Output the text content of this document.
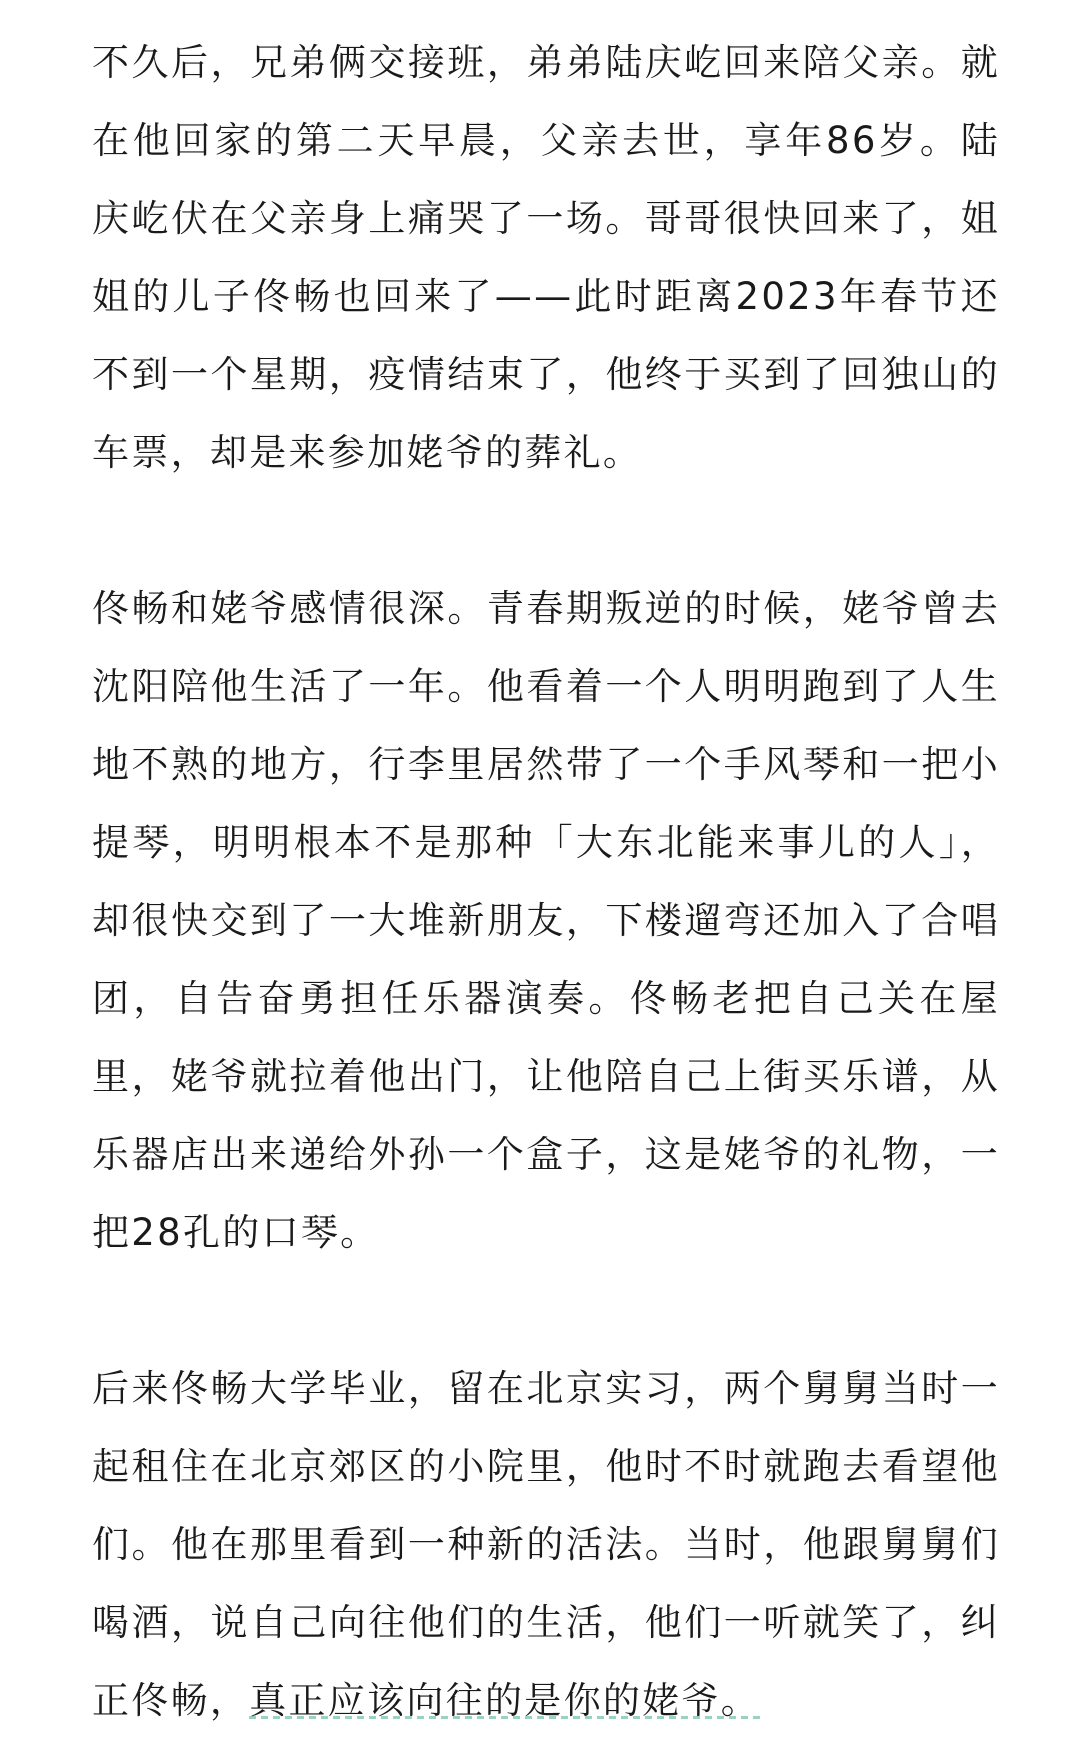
不久后，兄弟俩交接班，弟弟陆庆屹回来陪父亲。就在他回家的第二天早晨，父亲去世，享年86岁。陆庆屹伏在父亲身上痛哭了一场。哥哥很快回来了，姐姐的儿子佟畅也回来了——此时距离2023年春节还不到一个星期，疫情结束了，他终于买到了回独山的车票，却是来参加姥爷的葬礼。

佟畅和姥爷感情很深。青春期叛逆的时候，姥爷曾去沈阳陪他生活了一年。他看着一个人明明跑到了人生地不熟的地方，行李里居然带了一个手风琴和一把小提琴，明明根本不是那种「大东北能来事儿的人」，却很快交到了一大堆新朋友，下楼遛弯还加入了合唱团，自告奋勇担任乐器演奏。佟畅老把自己关在屋里，姥爷就拉着他出门，让他陪自己上街买乐谱，从乐器店出来递给外孙一个盒子，这是姥爷的礼物，一把28孔的口琴。

后来佟畅大学毕业，留在北京实习，两个舅舅当时一起租住在北京郊区的小院里，他时不时就跑去看望他们。他在那里看到一种新的活法。当时，他跟舅舅们喝酒，说自己向往他们的生活，他们一听就笑了，纠正佟畅，真正应该向往的是你的姥爷。
